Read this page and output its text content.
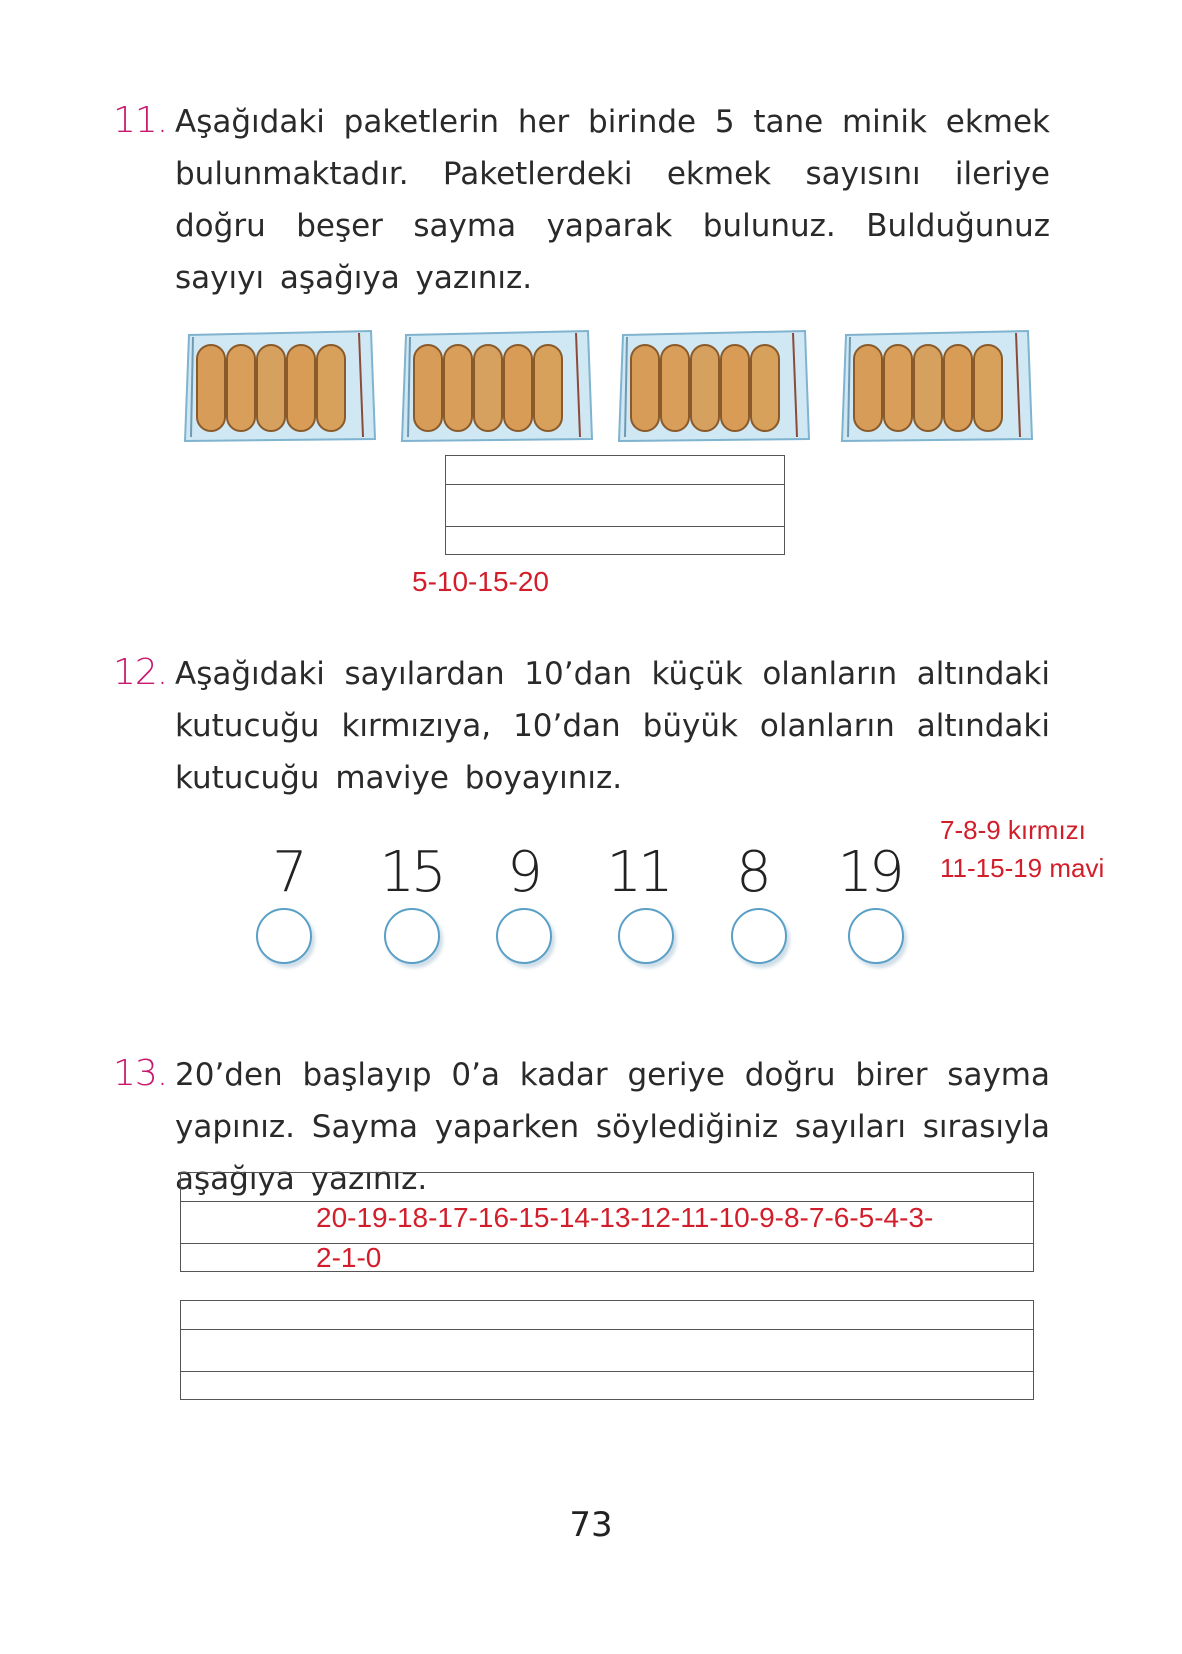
11. Aşağıdaki paketlerin her birinde 5 tane minik ekmek bulunmaktadır. Paketlerdeki ekmek sayısını ileriye doğru beşer sayma yaparak bulunuz. Bulduğunuz sayıyı aşağıya yazınız.
5-10-15-20
12. Aşağıdaki sayılardan 10’dan küçük olanların altındaki kutucuğu kırmızıya, 10’dan büyük olanların altındaki kutucuğu maviye boyayınız.
7	15	9	11	8	19
7-8-9 kırmızı
11-15-19 mavi
13. 20’den başlayıp 0’a kadar geriye doğru birer sayma yapınız. Sayma yaparken söylediğiniz sayıları sırasıyla aşağıya yazınız.
20-19-18-17-16-15-14-13-12-11-10-9-8-7-6-5-4-3-
2-1-0
73
